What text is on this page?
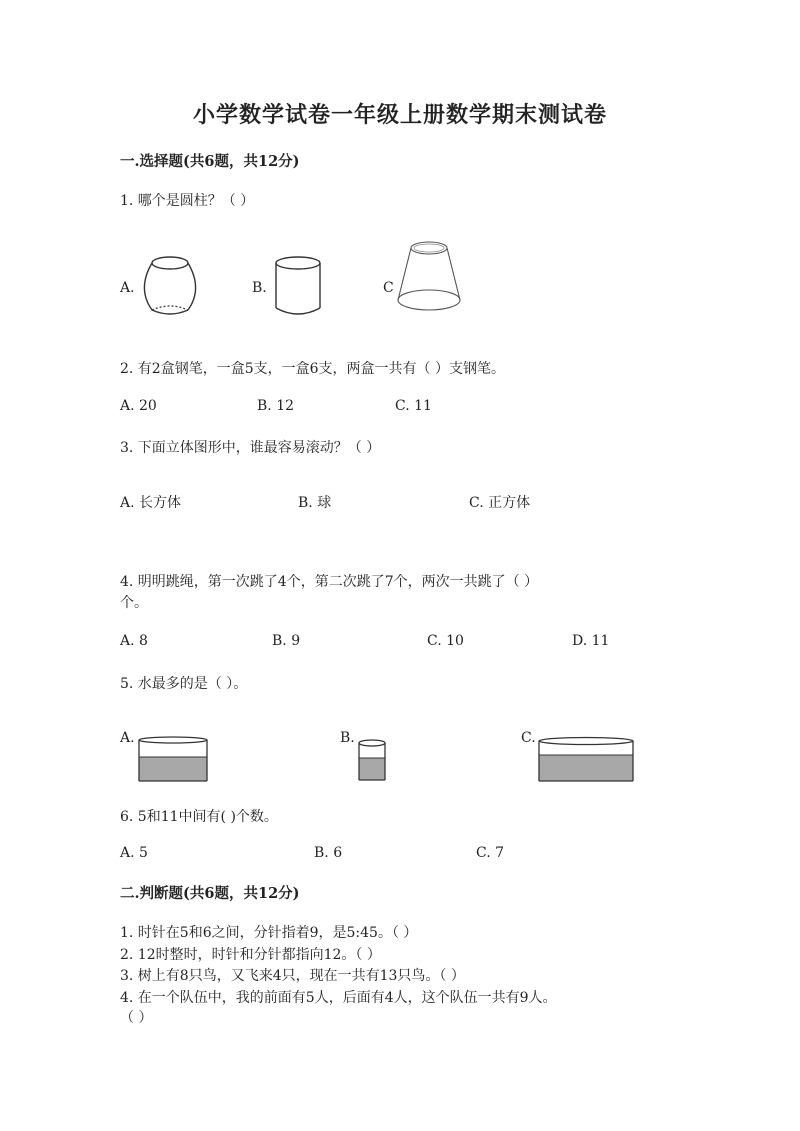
小学数学试卷一年级上册数学期末测试卷
一.选择题(共6题，共12分)
1. 哪个是圆柱？（ ）
A.	B.	C
2. 有2盒钢笔，一盒5支，一盒6支，两盒一共有（ ）支钢笔。
A. 20	B. 12	C. 11
3. 下面立体图形中，谁最容易滚动？（ ）
A. 长方体	B. 球	C. 正方体
4. 明明跳绳，第一次跳了4个，第二次跳了7个，两次一共跳了（ ）
个。
A. 8	B. 9	C. 10	D. 11
5. 水最多的是（ ）。
A.	B.	C.
6. 5和11中间有( )个数。
A. 5	B. 6	C. 7
二.判断题(共6题，共12分)
1. 时针在5和6之间，分针指着9，是5:45。（ ）
2. 12时整时，时针和分针都指向12。（ ）
3. 树上有8只鸟，又飞来4只，现在一共有13只鸟。（ ）
4. 在一个队伍中，我的前面有5人，后面有4人，这个队伍一共有9人。
（ ）
